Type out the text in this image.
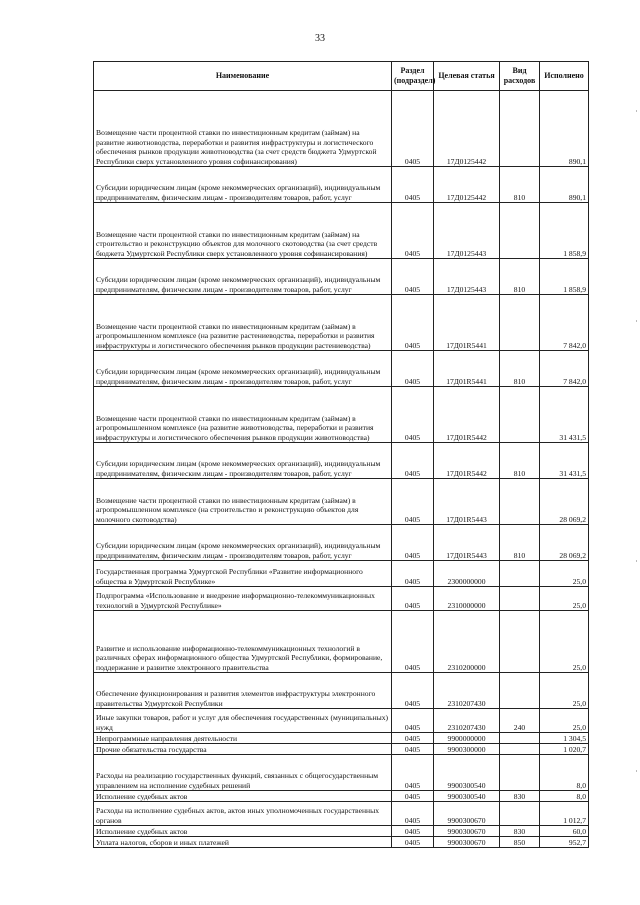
33
Наименование	Раздел (подраздел)	Целевая статья	Вид расходов	Исполнено
Возмещение части процентной ставки по инвестиционным кредитам (займам) на развитие животноводства, переработки и развития инфраструктуры и логистического обеспечения рынков продукции животноводства (за счет средств бюджета Удмуртской Республики сверх установленного уровня софинансирования)	0405	17Д0125442		890,1
Субсидии юридическим лицам (кроме некоммерческих организаций), индивидуальным предпринимателям, физическим лицам - производителям товаров, работ, услуг	0405	17Д0125442	810	890,1
Возмещение части процентной ставки по инвестиционным кредитам (займам) на строительство и реконструкцию объектов для молочного скотоводства (за счет средств бюджета Удмуртской Республики сверх установленного уровня софинансирования)	0405	17Д0125443		1 858,9
Субсидии юридическим лицам (кроме некоммерческих организаций), индивидуальным предпринимателям, физическим лицам - производителям товаров, работ, услуг	0405	17Д0125443	810	1 858,9
Возмещение части процентной ставки по инвестиционным кредитам (займам) в агропромышленном комплексе (на развитие растениеводства, переработки и развития инфраструктуры и логистического обеспечения рынков продукции растениеводства)	0405	17Д01R5441		7 842,0
Субсидии юридическим лицам (кроме некоммерческих организаций), индивидуальным предпринимателям, физическим лицам - производителям товаров, работ, услуг	0405	17Д01R5441	810	7 842,0
Возмещение части процентной ставки по инвестиционным кредитам (займам) в агропромышленном комплексе (на развитие животноводства, переработки и развития инфраструктуры и логистического обеспечения рынков продукции животноводства)	0405	17Д01R5442		31 431,5
Субсидии юридическим лицам (кроме некоммерческих организаций), индивидуальным предпринимателям, физическим лицам - производителям товаров, работ, услуг	0405	17Д01R5442	810	31 431,5
Возмещение части процентной ставки по инвестиционным кредитам (займам) в агропромышленном комплексе (на строительство и реконструкцию объектов для молочного скотоводства)	0405	17Д01R5443		28 069,2
Субсидии юридическим лицам (кроме некоммерческих организаций), индивидуальным предпринимателям, физическим лицам - производителям товаров, работ, услуг	0405	17Д01R5443	810	28 069,2
Государственная программа Удмуртской Республики «Развитие информационного общества в Удмуртской Республике»	0405	2300000000		25,0
Подпрограмма «Использование и внедрение информационно-телекоммуникационных технологий в Удмуртской Республике»	0405	2310000000		25,0
Развитие и использование информационно-телекоммуникационных технологий в различных сферах информационного общества Удмуртской Республики, формирование, поддержание и развитие электронного правительства	0405	2310200000		25,0
Обеспечение функционирования и развития элементов инфраструктуры электронного правительства Удмуртской Республики	0405	2310207430		25,0
Иные закупки товаров, работ и услуг для обеспечения государственных (муниципальных) нужд	0405	2310207430	240	25,0
Непрограммные направления деятельности	0405	9900000000		1 304,5
Прочие обязательства государства	0405	9900300000		1 020,7
Расходы на реализацию государственных функций, связанных с общегосударственным управлением на исполнение судебных решений	0405	9900300540		8,0
Исполнение судебных актов	0405	9900300540	830	8,0
Расходы на исполнение судебных актов, актов иных уполномоченных государственных органов	0405	9900300670		1 012,7
Исполнение судебных актов	0405	9900300670	830	60,0
Уплата налогов, сборов и иных платежей	0405	9900300670	850	952,7
